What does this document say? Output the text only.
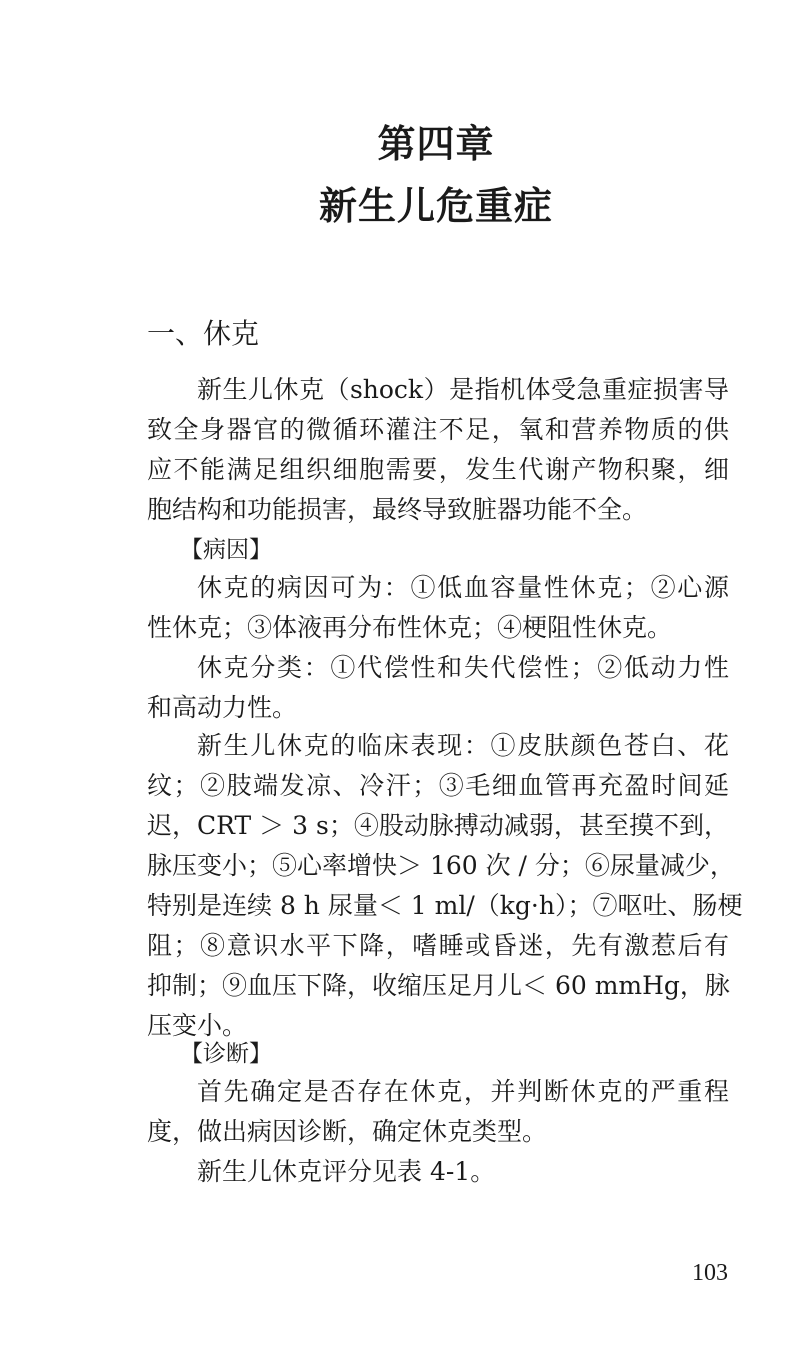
第四章
新生儿危重症
一、休克
新生儿休克（shock）是指机体受急重症损害导
致全身器官的微循环灌注不足，氧和营养物质的供
应不能满足组织细胞需要，发生代谢产物积聚，细
胞结构和功能损害，最终导致脏器功能不全。
【病因】
休克的病因可为：①低血容量性休克；②心源
性休克；③体液再分布性休克；④梗阻性休克。
休克分类：①代偿性和失代偿性；②低动力性
和高动力性。
新生儿休克的临床表现：①皮肤颜色苍白、花
纹；②肢端发凉、冷汗；③毛细血管再充盈时间延
迟，CRT ＞ 3 s；④股动脉搏动减弱，甚至摸不到，
脉压变小；⑤心率增快＞ 160 次 / 分；⑥尿量减少，
特别是连续 8 h 尿量＜ 1 ml/（kg·h）；⑦呕吐、肠梗
阻；⑧意识水平下降，嗜睡或昏迷，先有激惹后有
抑制；⑨血压下降，收缩压足月儿＜ 60 mmHg，脉
压变小。
【诊断】
首先确定是否存在休克，并判断休克的严重程
度，做出病因诊断，确定休克类型。
新生儿休克评分见表 4-1。
103
